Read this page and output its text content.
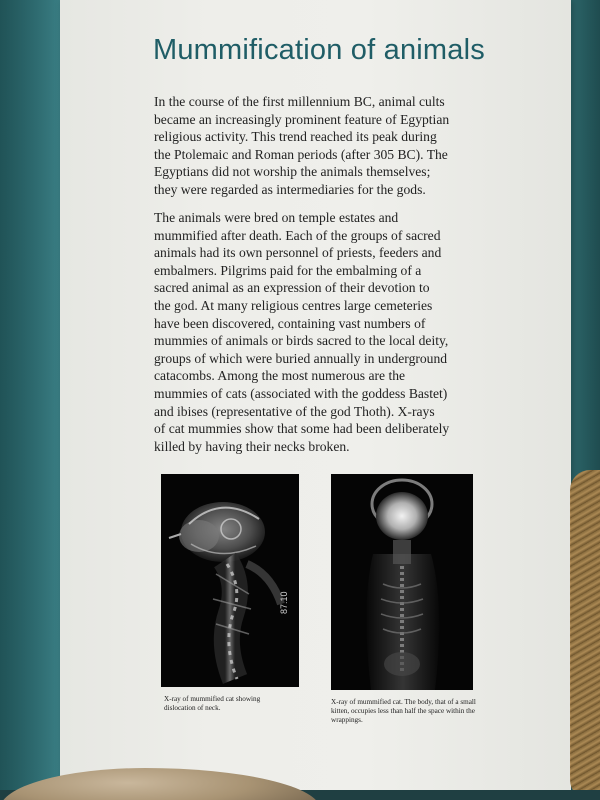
Mummification of animals

In the course of the first millennium BC, animal cults
became an increasingly prominent feature of Egyptian
religious activity. This trend reached its peak during
the Ptolemaic and Roman periods (after 305 BC). The
Egyptians did not worship the animals themselves;
they were regarded as intermediaries for the gods.

The animals were bred on temple estates and
mummified after death. Each of the groups of sacred
animals had its own personnel of priests, feeders and
embalmers. Pilgrims paid for the embalming of a
sacred animal as an expression of their devotion to
the god. At many religious centres large cemeteries
have been discovered, containing vast numbers of
mummies of animals or birds sacred to the local deity,
groups of which were buried annually in underground
catacombs. Among the most numerous are the
mummies of cats (associated with the goddess Bastet)
and ibises (representative of the god Thoth). X-rays
of cat mummies show that some had been deliberately
killed by having their necks broken.

87.10
X-ray of mummified cat showing dislocation of neck.
X-ray of mummified cat. The body, that of a small kitten, occupies less than half the space within the wrappings.
